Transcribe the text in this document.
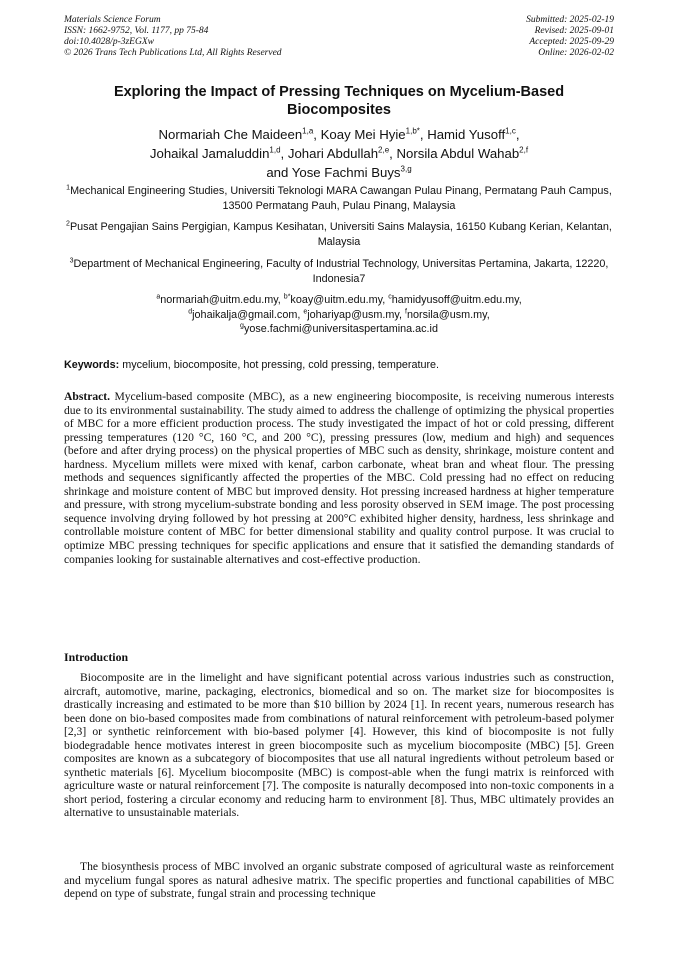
Materials Science Forum
ISSN: 1662-9752, Vol. 1177, pp 75-84
doi:10.4028/p-3zEGXw
© 2026 Trans Tech Publications Ltd, All Rights Reserved
Submitted: 2025-02-19
Revised: 2025-09-01
Accepted: 2025-09-29
Online: 2026-02-02
Exploring the Impact of Pressing Techniques on Mycelium-Based Biocomposites
Normariah Che Maideen$^{1,a}$, Koay Mei Hyie$^{1,b*}$, Hamid Yusoff$^{1,c}$,
Johaikal Jamaluddin$^{1,d}$, Johari Abdullah$^{2,e}$, Norsila Abdul Wahab$^{2,f}$
and Yose Fachmi Buys$^{3,g}$
$^1$Mechanical Engineering Studies, Universiti Teknologi MARA Cawangan Pulau Pinang, Permatang Pauh Campus, 13500 Permatang Pauh, Pulau Pinang, Malaysia
$^2$Pusat Pengajian Sains Pergigian, Kampus Kesihatan, Universiti Sains Malaysia, 16150 Kubang Kerian, Kelantan, Malaysia
$^3$Department of Mechanical Engineering, Faculty of Industrial Technology, Universitas Pertamina, Jakarta, 12220, Indonesia7
$^a$normariah@uitm.edu.my, $^{b*}$koay@uitm.edu.my, $^c$hamidyusoff@uitm.edu.my,
$^d$johaikalja@gmail.com, $^e$johariyap@usm.my, $^f$norsila@usm.my,
$^g$yose.fachmi@universitaspertamina.ac.id
Keywords: mycelium, biocomposite, hot pressing, cold pressing, temperature.
Abstract. Mycelium-based composite (MBC), as a new engineering biocomposite, is receiving numerous interests due to its environmental sustainability. The study aimed to address the challenge of optimizing the physical properties of MBC for a more efficient production process. The study investigated the impact of hot or cold pressing, different pressing temperatures (120 °C, 160 °C, and 200 °C), pressing pressures (low, medium and high) and sequences (before and after drying process) on the physical properties of MBC such as density, shrinkage, moisture content and hardness. Mycelium millets were mixed with kenaf, carbon carbonate, wheat bran and wheat flour. The pressing methods and sequences significantly affected the properties of the MBC. Cold pressing had no effect on reducing shrinkage and moisture content of MBC but improved density. Hot pressing increased hardness at higher temperature and pressure, with strong mycelium-substrate bonding and less porosity observed in SEM image. The post processing sequence involving drying followed by hot pressing at 200°C exhibited higher density, hardness, less shrinkage and controllable moisture content of MBC for better dimensional stability and quality control purpose. It was crucial to optimize MBC pressing techniques for specific applications and ensure that it satisfied the demanding standards of companies looking for sustainable alternatives and cost-effective production.
Introduction

Biocomposite are in the limelight and have significant potential across various industries such as construction, aircraft, automotive, marine, packaging, electronics, biomedical and so on. The market size for biocomposites is drastically increasing and estimated to be more than $10 billion by 2024 [1]. In recent years, numerous research has been done on bio-based composites made from combinations of natural reinforcement with petroleum-based polymer [2,3] or synthetic reinforcement with bio-based polymer [4]. However, this kind of biocomposite is not fully biodegradable hence motivates interest in green biocomposite such as mycelium biocomposite (MBC) [5]. Green composites are known as a subcategory of biocomposites that use all natural ingredients without petroleum based or synthetic materials [6]. Mycelium biocomposite (MBC) is compost-able when the fungi matrix is reinforced with agriculture waste or natural reinforcement [7]. The composite is naturally decomposed into non-toxic components in a short period, fostering a circular economy and reducing harm to environment [8]. Thus, MBC ultimately provides an alternative to unsustainable materials.

The biosynthesis process of MBC involved an organic substrate composed of agricultural waste as reinforcement and mycelium fungal spores as natural adhesive matrix. The specific properties and functional capabilities of MBC depend on type of substrate, fungal strain and processing technique
